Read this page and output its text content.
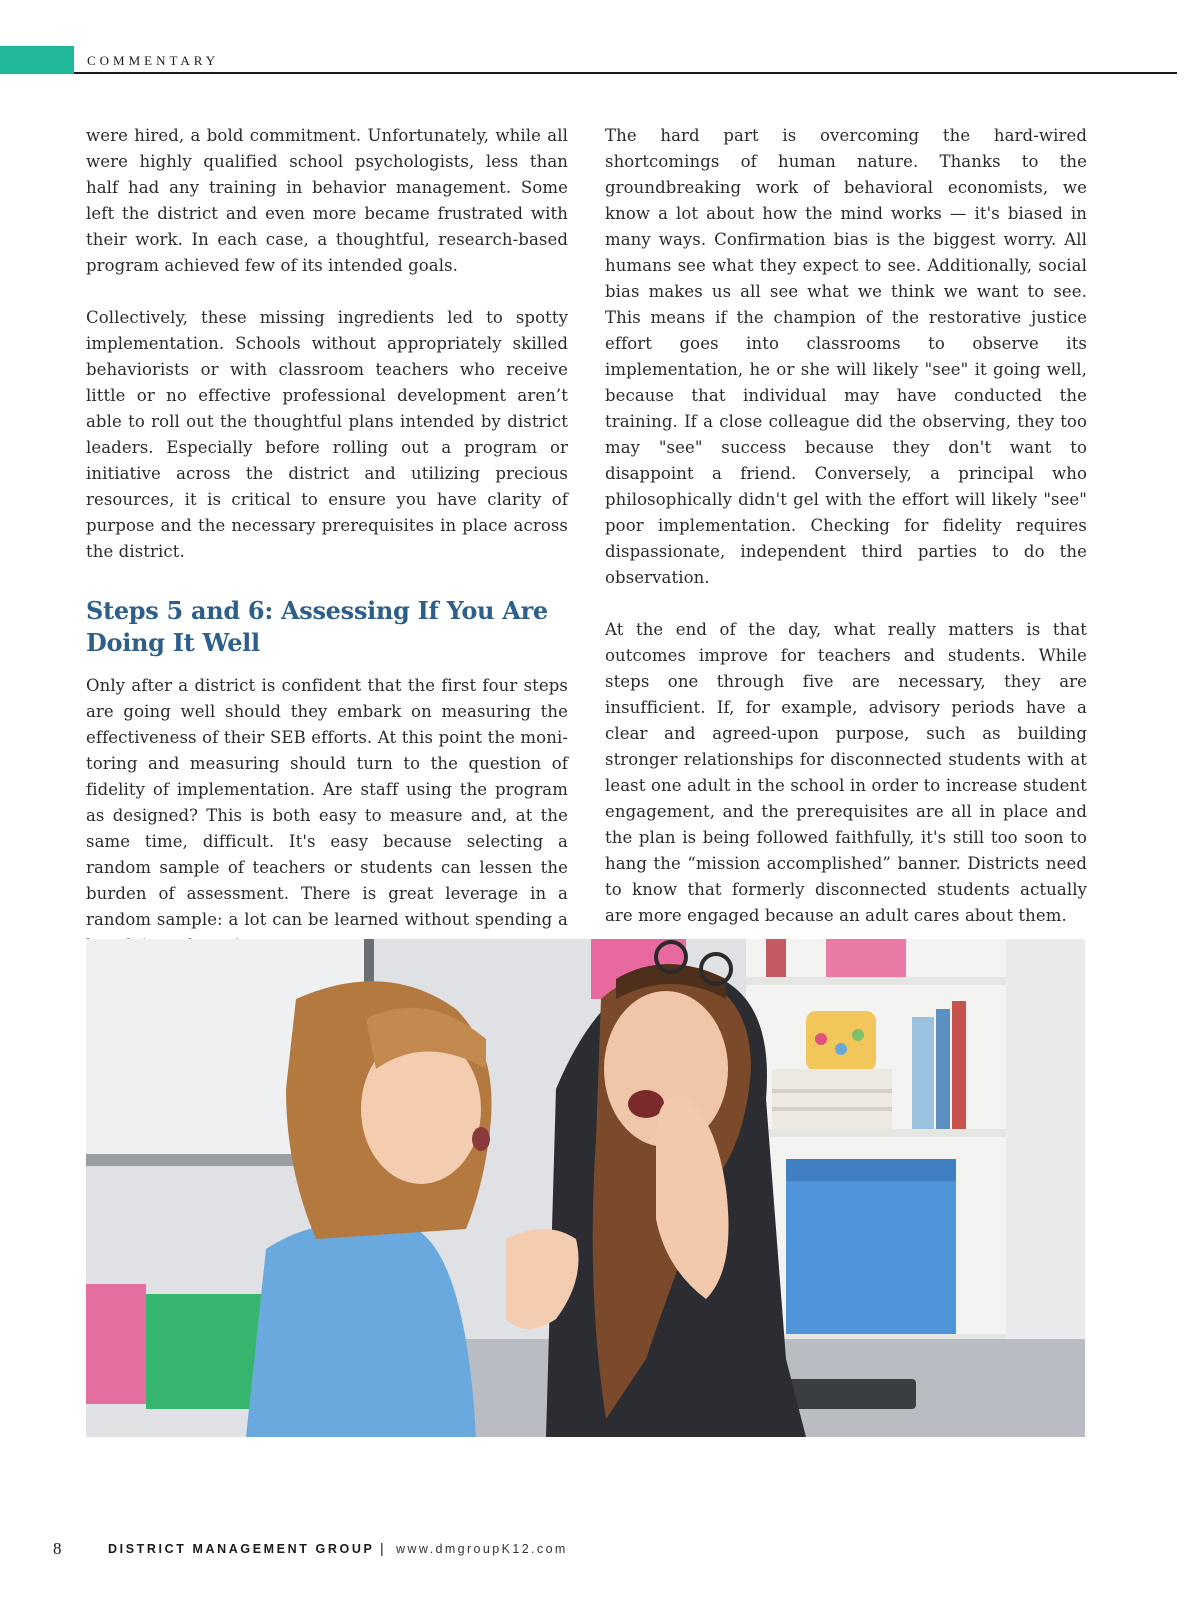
COMMENTARY

were hired, a bold commitment. Unfortunately, while all were highly qualified school psychologists, less than half had any training in behavior management. Some left the district and even more became frustrated with their work. In each case, a thoughtful, research-based program achieved few of its intended goals.

Collectively, these missing ingredients led to spotty implementation. Schools without appropriately skilled behaviorists or with classroom teachers who receive little or no effective professional development aren’t able to roll out the thoughtful plans intended by district leaders. Especially before rolling out a program or initiative across the district and utilizing precious resources, it is critical to ensure you have clarity of purpose and the necessary prerequisites in place across the district.

Steps 5 and 6: Assessing If You Are Doing It Well

Only after a district is confident that the first four steps are going well should they embark on measuring the effectiveness of their SEB efforts. At this point the moni-toring and measuring should turn to the question of fidelity of implementation. Are staff using the program as designed? This is both easy to measure and, at the same time, difficult. It's easy because selecting a random sample of teachers or students can lessen the burden of assessment. There is great leverage in a random sample: a lot can be learned without spending a

The hard part is overcoming the hard-wired shortcomings of human nature. Thanks to the groundbreaking work of behavioral economists, we know a lot about how the mind works — it's biased in many ways. Confirmation bias is the biggest worry. All humans see what they expect to see. Additionally, social bias makes us all see what we think we want to see. This means if the champion of the restorative justice effort goes into classrooms to observe its implementation, he or she will likely "see" it going well, because that individual may have conducted the training. If a close colleague did the observing, they too may "see" success because they don't want to disappoint a friend. Conversely, a principal who philosophically didn't gel with the effort will likely "see" poor implementation. Checking for fidelity requires dispassionate, independent third parties to do the observation.

At the end of the day, what really matters is that outcomes improve for teachers and students. While steps one through five are necessary, they are insufficient. If, for example, advisory periods have a clear and agreed-upon purpose, such as building stronger relationships for disconnected students with at least one adult in the school in order to increase student engagement, and the prerequisites are all in place and the plan is being followed faithfully, it's still too soon to hang the “mission accomplished” banner. Districts need to know that formerly disconnected students actually are more engaged because an adult cares about them.

8	DISTRICT MANAGEMENT GROUP | www.dmgroupK12.com
